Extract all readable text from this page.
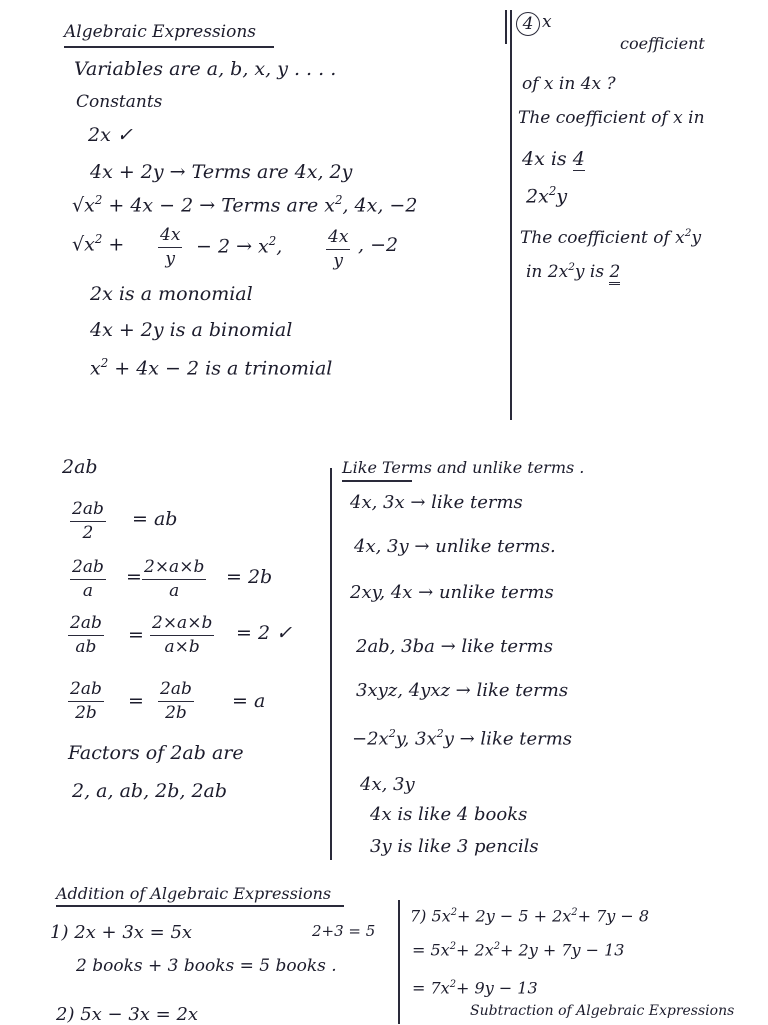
Algebraic Expressions
Variables are a, b, x, y . . . .
Constants
2x ✓
4x + 2y → Terms are 4x, 2y
$√x^2 + 4x - 2$ → Terms are $x^2$, 4x, −2
$√x^2 + \frac{4x}{y} - 2 \to x^2$,	$\frac{4x}{y}$ , −2
2x is a monomial
4x + 2y is a binomial
$x^2 + 4x - 2$ is a trinomial
4 x
coefficient
of x in 4x ?
The coefficient of x in
4x is 4
$2x^2y$
The coefficient of $x^2y$
in $2x^2y$ is 2
2ab
$\frac{2ab}{2}$ = ab
$\frac{2ab}{a} = \frac{2\times a\times b}{a} = 2b$
$\frac{2ab}{ab} = \frac{2\times a\times b}{a\times b} = 2$ ✓
$\frac{2ab}{2b} = \frac{2ab}{2b} = a$
Factors of 2ab are
2, a, ab, 2b, 2ab
Like Terms and unlike terms .
4x, 3x → like terms
4x, 3y → unlike terms.
2xy, 4x → unlike terms
2ab, 3ba → like terms
3xyz, 4yxz → like terms
$-2x^2y$, $3x^2y$ → like terms
4x, 3y
4x is like 4 books
3y is like 3 pencils
Addition of Algebraic Expressions
1) 2x + 3x = 5x	2+3 = 5
2 books + 3 books = 5 books .
2) 5x − 3x = 2x
7) $5x^2+ 2y - 5 + 2x^2+ 7y - 8$
= $5x^2+ 2x^2+ 2y + 7y - 13$
= $7x^2+ 9y - 13$
Subtraction of Algebraic Expressions
